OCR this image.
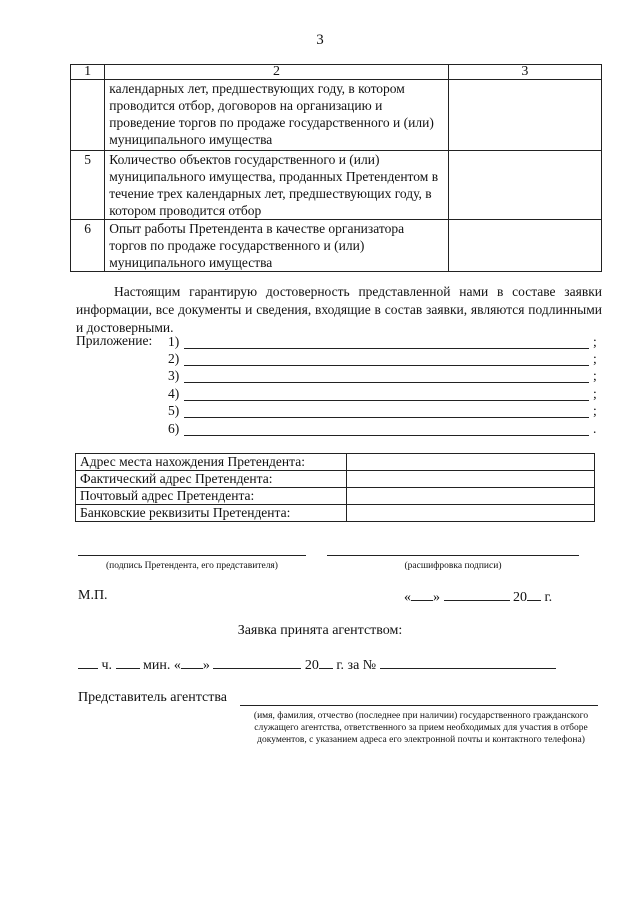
3
1	2	3
	календарных лет, предшествующих году, в котором проводится отбор, договоров на организацию и проведение торгов по продаже государственного и (или) муниципального имущества	
5	Количество объектов государственного и (или) муниципального имущества, проданных Претендентом в течение трех календарных лет, предшествующих году, в котором проводится отбор	
6	Опыт работы Претендента в качестве организатора торгов по продаже государственного и (или) муниципального имущества	
Настоящим гарантирую достоверность представленной нами в составе заявки информации, все документы и сведения, входящие в состав заявки, являются подлинными и достоверными.
Приложение: 1)	;
2)	;
3)	;
4)	;
5)	;
6)	.
Адрес места нахождения Претендента:	
Фактический адрес Претендента:	
Почтовый адрес Претендента:	
Банковские реквизиты Претендента:	
(подпись Претендента, его представителя)	(расшифровка подписи)
М.П.	« »	20 г.
Заявка принята агентством:
ч. мин. « »	20 г. за №
Представитель агентства
(имя, фамилия, отчество (последнее при наличии) государственного гражданского служащего агентства, ответственного за прием необходимых для участия в отборе документов, с указанием адреса его электронной почты и контактного телефона)
